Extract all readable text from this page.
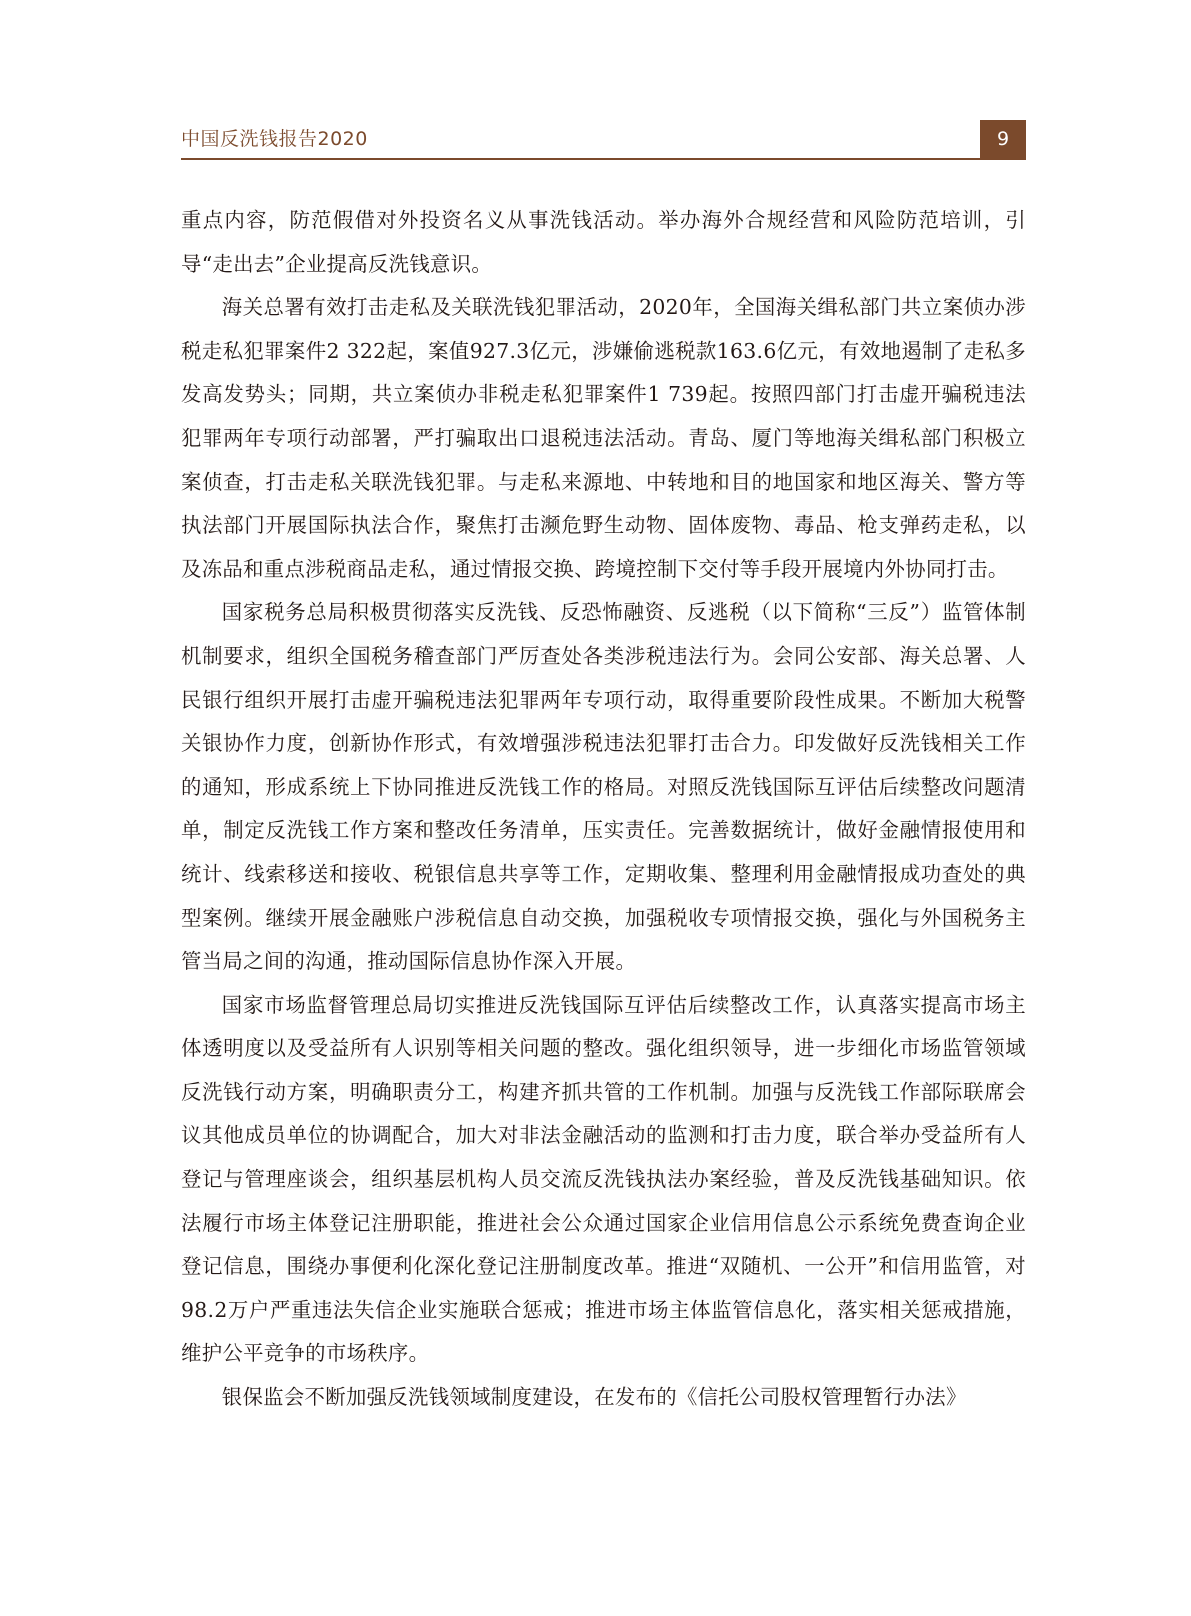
中国反洗钱报告2020	9

重点内容，防范假借对外投资名义从事洗钱活动。举办海外合规经营和风险防范培训，引导“走出去”企业提高反洗钱意识。

海关总署有效打击走私及关联洗钱犯罪活动，2020年，全国海关缉私部门共立案侦办涉税走私犯罪案件2 322起，案值927.3亿元，涉嫌偷逃税款163.6亿元，有效地遏制了走私多发高发势头；同期，共立案侦办非税走私犯罪案件1 739起。按照四部门打击虚开骗税违法犯罪两年专项行动部署，严打骗取出口退税违法活动。青岛、厦门等地海关缉私部门积极立案侦查，打击走私关联洗钱犯罪。与走私来源地、中转地和目的地国家和地区海关、警方等执法部门开展国际执法合作，聚焦打击濒危野生动物、固体废物、毒品、枪支弹药走私，以及冻品和重点涉税商品走私，通过情报交换、跨境控制下交付等手段开展境内外协同打击。

国家税务总局积极贯彻落实反洗钱、反恐怖融资、反逃税（以下简称“三反”）监管体制机制要求，组织全国税务稽查部门严厉查处各类涉税违法行为。会同公安部、海关总署、人民银行组织开展打击虚开骗税违法犯罪两年专项行动，取得重要阶段性成果。不断加大税警关银协作力度，创新协作形式，有效增强涉税违法犯罪打击合力。印发做好反洗钱相关工作的通知，形成系统上下协同推进反洗钱工作的格局。对照反洗钱国际互评估后续整改问题清单，制定反洗钱工作方案和整改任务清单，压实责任。完善数据统计，做好金融情报使用和统计、线索移送和接收、税银信息共享等工作，定期收集、整理利用金融情报成功查处的典型案例。继续开展金融账户涉税信息自动交换，加强税收专项情报交换，强化与外国税务主管当局之间的沟通，推动国际信息协作深入开展。

国家市场监督管理总局切实推进反洗钱国际互评估后续整改工作，认真落实提高市场主体透明度以及受益所有人识别等相关问题的整改。强化组织领导，进一步细化市场监管领域反洗钱行动方案，明确职责分工，构建齐抓共管的工作机制。加强与反洗钱工作部际联席会议其他成员单位的协调配合，加大对非法金融活动的监测和打击力度，联合举办受益所有人登记与管理座谈会，组织基层机构人员交流反洗钱执法办案经验，普及反洗钱基础知识。依法履行市场主体登记注册职能，推进社会公众通过国家企业信用信息公示系统免费查询企业登记信息，围绕办事便利化深化登记注册制度改革。推进“双随机、一公开”和信用监管，对98.2万户严重违法失信企业实施联合惩戒；推进市场主体监管信息化，落实相关惩戒措施，维护公平竞争的市场秩序。

银保监会不断加强反洗钱领域制度建设，在发布的《信托公司股权管理暂行办法》
